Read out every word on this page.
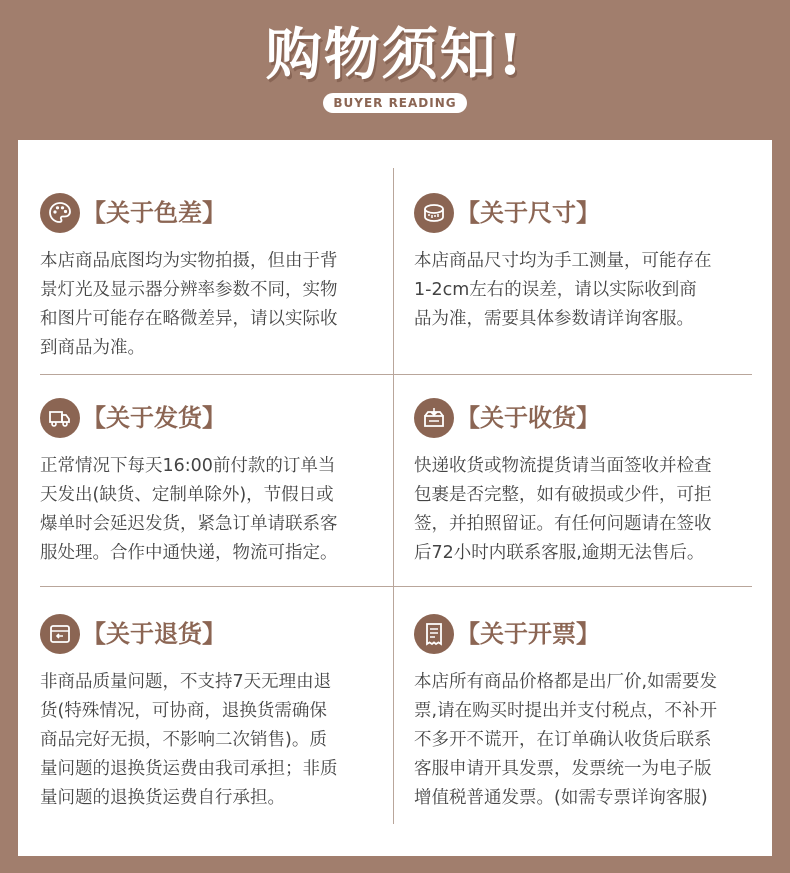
购物须知!
BUYER READING
【关于色差】
本店商品底图均为实物拍摄，但由于背
景灯光及显示器分辨率参数不同，实物
和图片可能存在略微差异，请以实际收
到商品为准。
【关于尺寸】
本店商品尺寸均为手工测量，可能存在
1-2cm左右的误差，请以实际收到商
品为准，需要具体参数请详询客服。
【关于发货】
正常情况下每天16:00前付款的订单当
天发出(缺货、定制单除外)，节假日或
爆单时会延迟发货，紧急订单请联系客
服处理。合作中通快递，物流可指定。
【关于收货】
快递收货或物流提货请当面签收并检查
包裹是否完整，如有破损或少件，可拒
签，并拍照留证。有任何问题请在签收
后72小时内联系客服,逾期无法售后。
【关于退货】
非商品质量问题，不支持7天无理由退
货(特殊情况，可协商，退换货需确保
商品完好无损，不影响二次销售)。质
量问题的退换货运费由我司承担；非质
量问题的退换货运费自行承担。
【关于开票】
本店所有商品价格都是出厂价,如需要发
票,请在购买时提出并支付税点，不补开
不多开不谎开，在订单确认收货后联系
客服申请开具发票，发票统一为电子版
增值税普通发票。(如需专票详询客服)
